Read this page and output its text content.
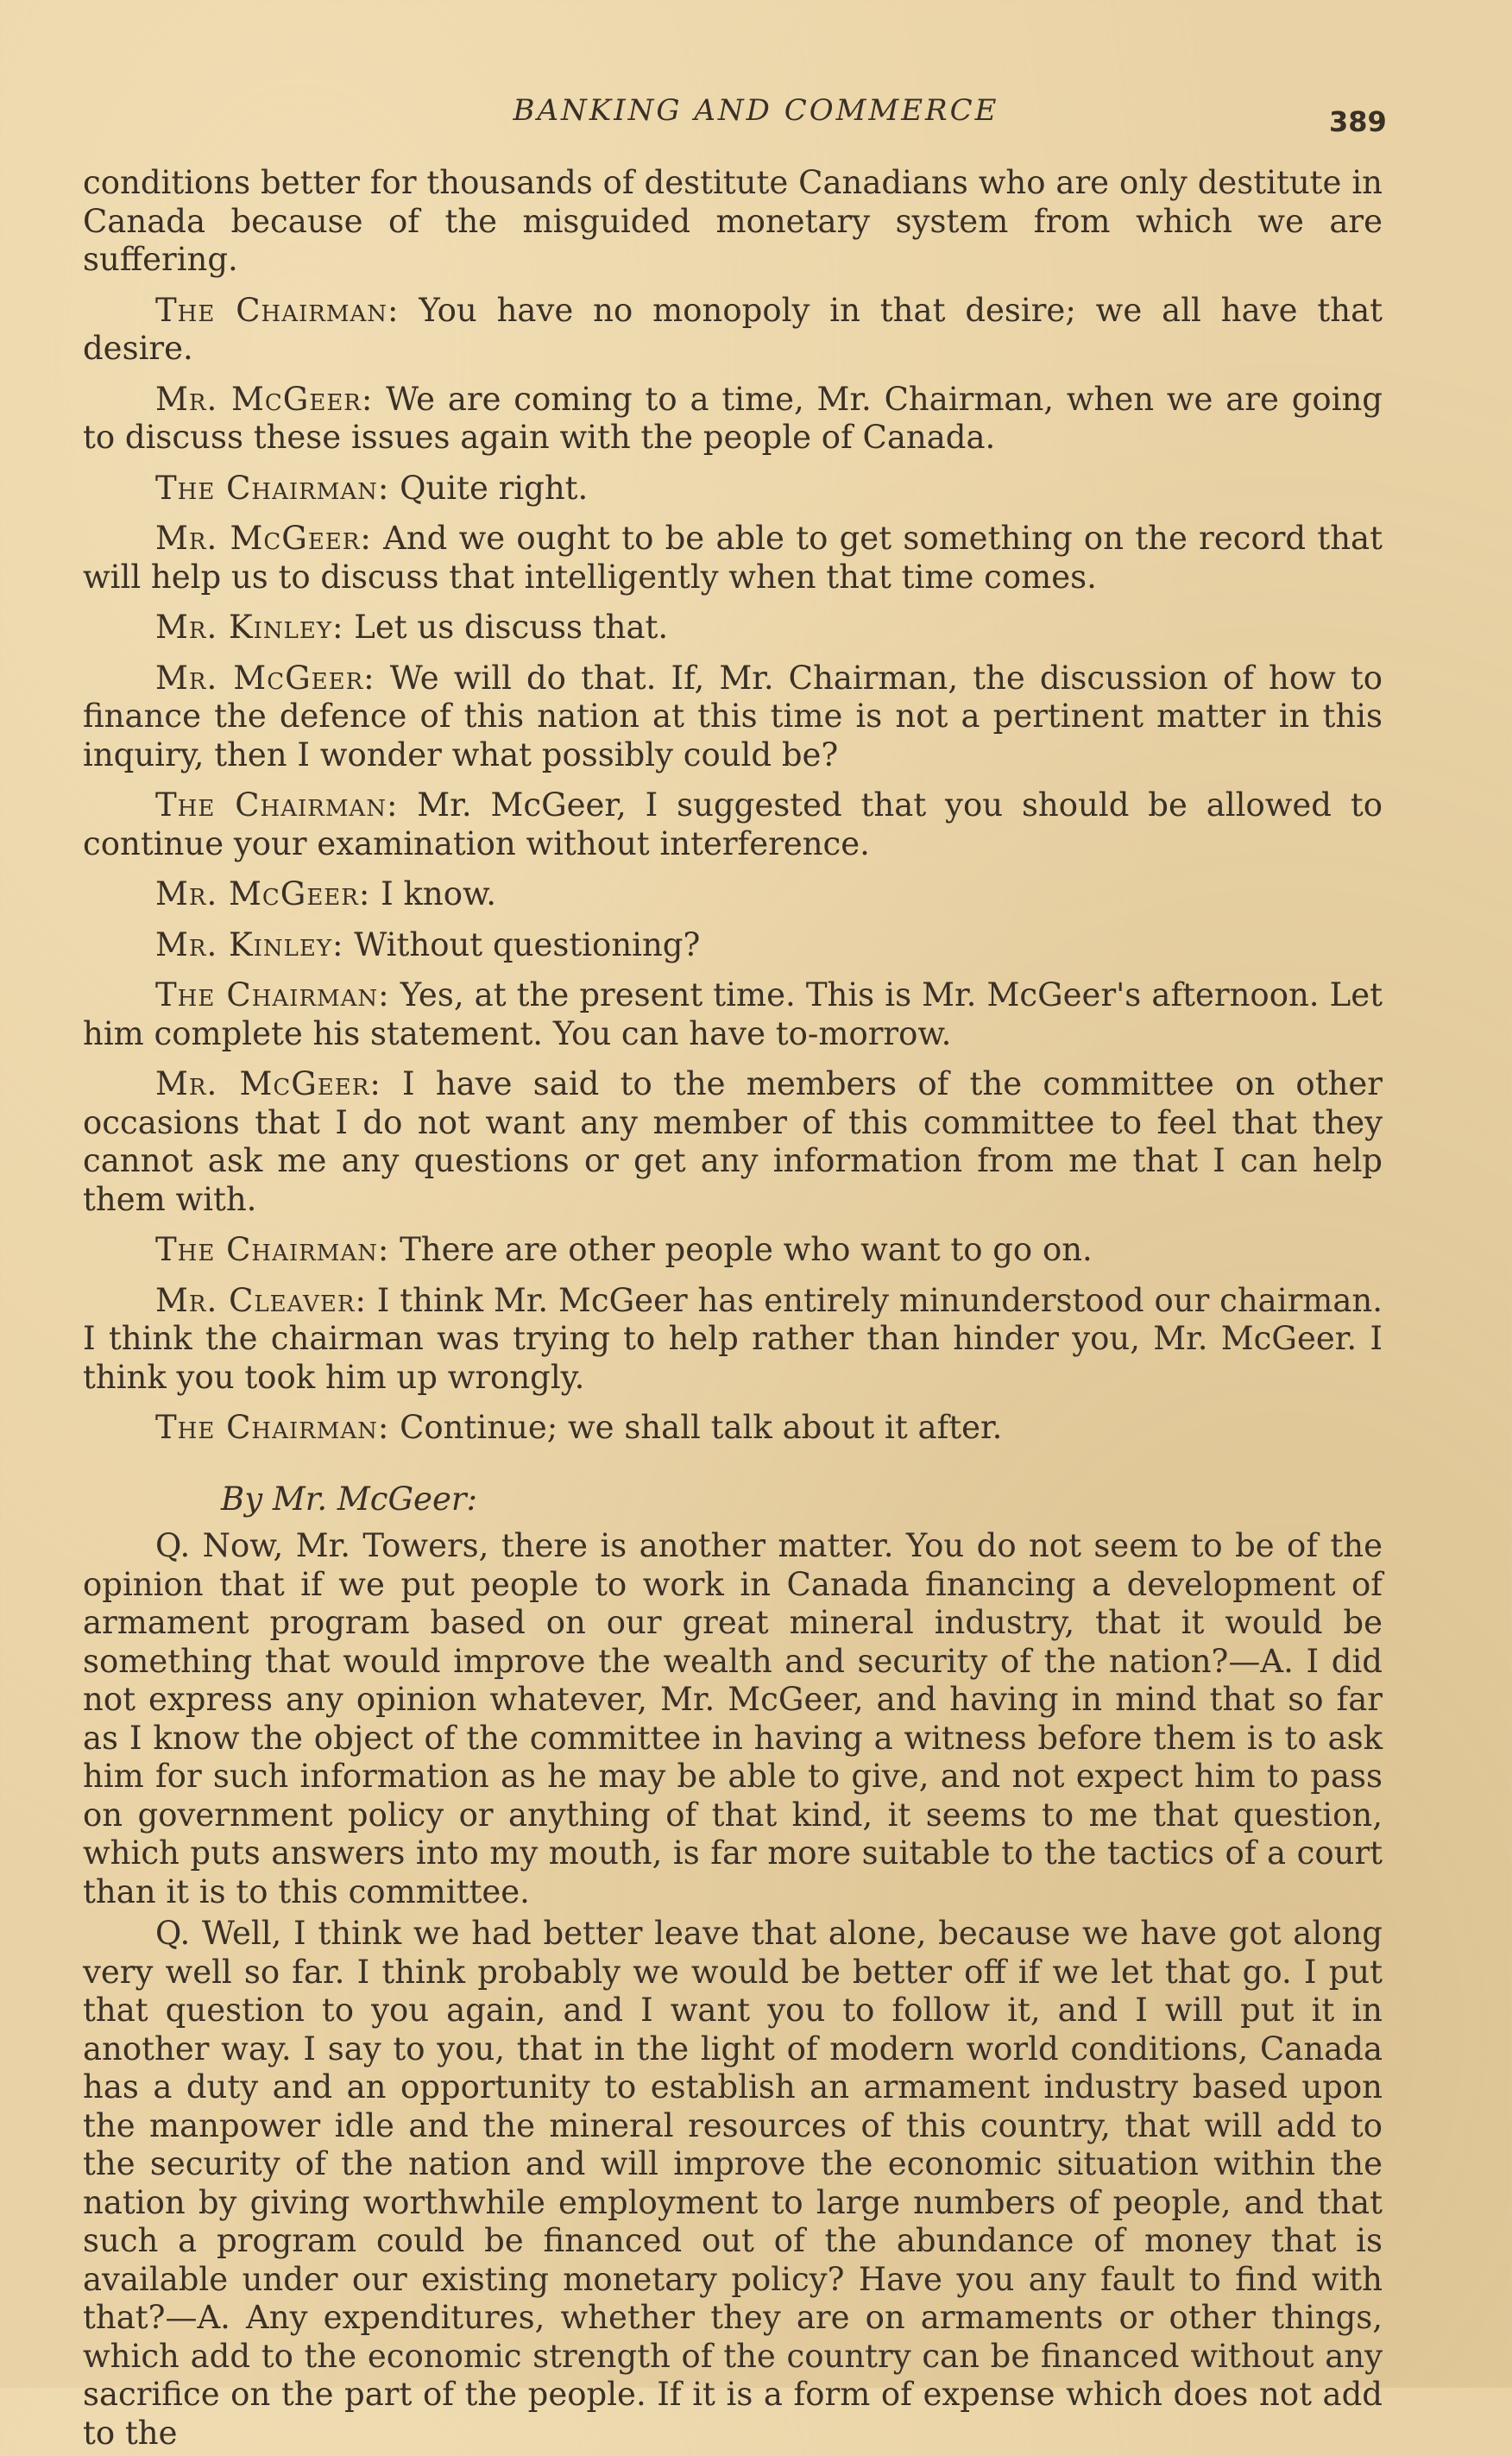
BANKING AND COMMERCE	389

conditions better for thousands of destitute Canadians who are only destitute in Canada because of the misguided monetary system from which we are suffering.

The Chairman: You have no monopoly in that desire; we all have that desire.

Mr. McGeer: We are coming to a time, Mr. Chairman, when we are going to discuss these issues again with the people of Canada.

The Chairman: Quite right.

Mr. McGeer: And we ought to be able to get something on the record that will help us to discuss that intelligently when that time comes.

Mr. Kinley: Let us discuss that.

Mr. McGeer: We will do that. If, Mr. Chairman, the discussion of how to finance the defence of this nation at this time is not a pertinent matter in this inquiry, then I wonder what possibly could be?

The Chairman: Mr. McGeer, I suggested that you should be allowed to continue your examination without interference.

Mr. McGeer: I know.

Mr. Kinley: Without questioning?

The Chairman: Yes, at the present time. This is Mr. McGeer's afternoon. Let him complete his statement. You can have to-morrow.

Mr. McGeer: I have said to the members of the committee on other occasions that I do not want any member of this committee to feel that they cannot ask me any questions or get any information from me that I can help them with.

The Chairman: There are other people who want to go on.

Mr. Cleaver: I think Mr. McGeer has entirely minunderstood our chairman. I think the chairman was trying to help rather than hinder you, Mr. McGeer. I think you took him up wrongly.

The Chairman: Continue; we shall talk about it after.

By Mr. McGeer:

Q. Now, Mr. Towers, there is another matter. You do not seem to be of the opinion that if we put people to work in Canada financing a development of armament program based on our great mineral industry, that it would be something that would improve the wealth and security of the nation?—A. I did not express any opinion whatever, Mr. McGeer, and having in mind that so far as I know the object of the committee in having a witness before them is to ask him for such information as he may be able to give, and not expect him to pass on government policy or anything of that kind, it seems to me that question, which puts answers into my mouth, is far more suitable to the tactics of a court than it is to this committee.

Q. Well, I think we had better leave that alone, because we have got along very well so far. I think probably we would be better off if we let that go. I put that question to you again, and I want you to follow it, and I will put it in another way. I say to you, that in the light of modern world conditions, Canada has a duty and an opportunity to establish an armament industry based upon the manpower idle and the mineral resources of this country, that will add to the security of the nation and will improve the economic situation within the nation by giving worthwhile employment to large numbers of people, and that such a program could be financed out of the abundance of money that is available under our existing monetary policy? Have you any fault to find with that?—A. Any expenditures, whether they are on armaments or other things, which add to the economic strength of the country can be financed without any sacrifice on the part of the people. If it is a form of expense which does not add to the
